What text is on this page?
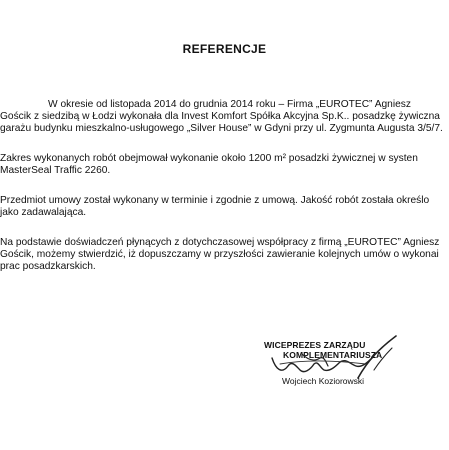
REFERENCJE
W okresie od listopada 2014 do grudnia 2014 roku – Firma „EUROTEC” Agniesz
Gościk z siedzibą w Łodzi wykonała dla Invest Komfort Spółka Akcyjna Sp.K.. posadzkę żywiczna
garażu budynku mieszkalno-usługowego „Silver House” w Gdyni przy ul. Zygmunta Augusta 3/5/7.
Zakres wykonanych robót obejmował wykonanie około 1200 m² posadzki żywicznej w systen
MasterSeal Traffic 2260.
Przedmiot umowy został wykonany w terminie i zgodnie z umową. Jakość robót została określo
jako zadawalająca.
Na podstawie doświadczeń płynących z dotychczasowej współpracy z firmą „EUROTEC” Agniesz
Gościk, możemy stwierdzić, iż dopuszczamy w przyszłości zawieranie kolejnych umów o wykonai
prac posadzkarskich.
WICEPREZES ZARZĄDU
KOMPLEMENTARIUSZA
Wojciech Koziorowski
